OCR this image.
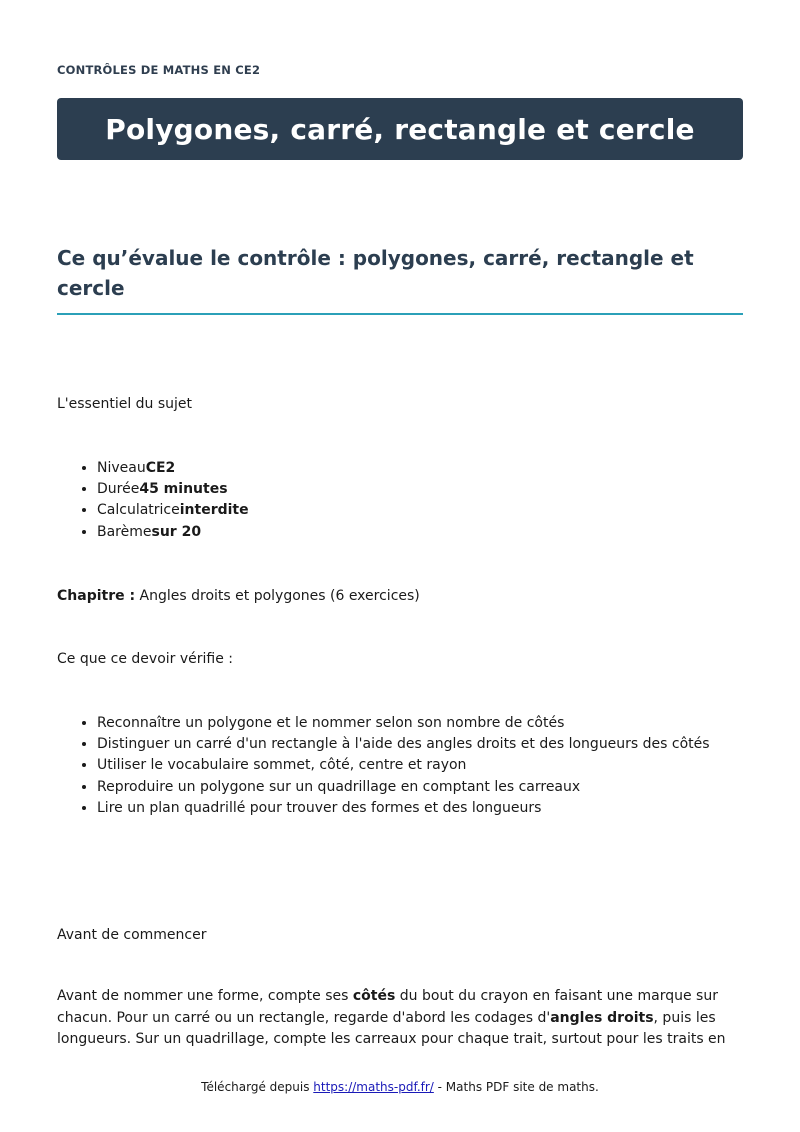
CONTRÔLES DE MATHS EN CE2
Polygones, carré, rectangle et cercle
Ce qu’évalue le contrôle : polygones, carré, rectangle et cercle

L'essentiel du sujet

• NiveauCE2
• Durée45 minutes
• Calculatriceinterdite
• Barèmesur 20

Chapitre : Angles droits et polygones (6 exercices)

Ce que ce devoir vérifie :

• Reconnaître un polygone et le nommer selon son nombre de côtés
• Distinguer un carré d'un rectangle à l'aide des angles droits et des longueurs des côtés
• Utiliser le vocabulaire sommet, côté, centre et rayon
• Reproduire un polygone sur un quadrillage en comptant les carreaux
• Lire un plan quadrillé pour trouver des formes et des longueurs

Avant de commencer

Avant de nommer une forme, compte ses côtés du bout du crayon en faisant une marque sur chacun. Pour un carré ou un rectangle, regarde d'abord les codages d'angles droits, puis les longueurs. Sur un quadrillage, compte les carreaux pour chaque trait, surtout pour les traits en

Téléchargé depuis https://maths-pdf.fr/ - Maths PDF site de maths.
